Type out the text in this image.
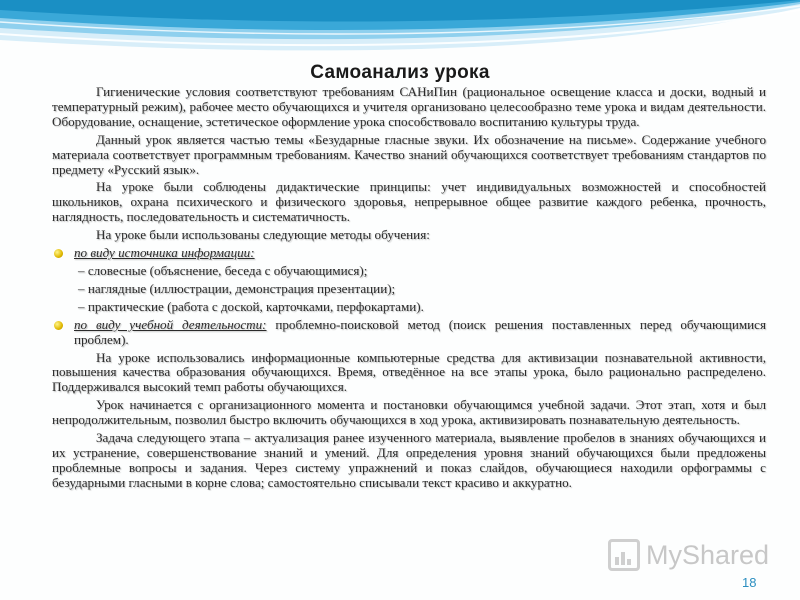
Самоанализ урока

Гигиенические условия соответствуют требованиям САНиПин (рациональное освещение класса и доски, водный и температурный режим), рабочее место обучающихся и учителя организовано целесообразно теме урока и видам деятельности. Оборудование, оснащение, эстетическое оформление урока способствовало воспитанию культуры труда.

Данный урок является частью темы «Безударные гласные звуки. Их обозначение на письме». Содержание учебного материала соответствует программным требованиям. Качество знаний обучающихся соответствует требованиям стандартов по предмету «Русский язык».

На уроке были соблюдены дидактические принципы: учет индивидуальных возможностей и способностей школьников, охрана психического и физического здоровья, непрерывное общее развитие каждого ребенка, прочность, наглядность, последовательность и систематичность.

На уроке были использованы следующие методы обучения:

по виду источника информации:

– словесные (объяснение, беседа с обучающимися);

– наглядные (иллюстрации, демонстрация презентации);

– практические (работа с доской, карточками, перфокартами).

по виду учебной деятельности: проблемно-поисковой метод (поиск решения поставленных перед обучающимися проблем).

На уроке использовались информационные компьютерные средства для активизации познавательной активности, повышения качества образования обучающихся. Время, отведённое на все этапы урока, было рационально распределено. Поддерживался высокий темп работы обучающихся.

Урок начинается с организационного момента и постановки обучающимся учебной задачи. Этот этап, хотя и был непродолжительным, позволил быстро включить обучающихся в ход урока, активизировать познавательную деятельность.

Задача следующего этапа – актуализация ранее изученного материала, выявление пробелов в знаниях обучающихся и их устранение, совершенствование знаний и умений. Для определения уровня знаний обучающихся были предложены проблемные вопросы и задания. Через систему упражнений и показ слайдов, обучающиеся находили орфограммы с безударными гласными в корне слова; самостоятельно списывали текст красиво и аккуратно.

MyShared
18
